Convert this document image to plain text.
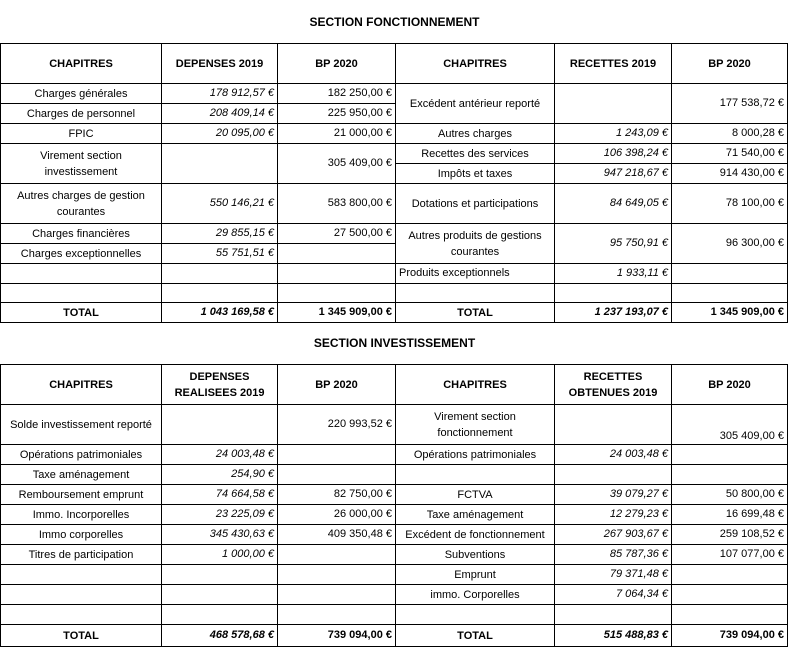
SECTION FONCTIONNEMENT
CHAPITRES	DEPENSES 2019	BP 2020	CHAPITRES	RECETTES 2019	BP 2020
Charges générales	178 912,57 €	182 250,00 €	Excédent antérieur reporté		177 538,72 €
Charges de personnel	208 409,14 €	225 950,00 €			
FPIC	20 095,00 €	21 000,00 €	Autres charges	1 243,09 €	8 000,28 €
Virement section investissement		305 409,00 €	Recettes des services	106 398,24 €	71 540,00 €
			Impôts et taxes	947 218,67 €	914 430,00 €
Autres charges de gestion courantes	550 146,21 €	583 800,00 €	Dotations et participations	84 649,05 €	78 100,00 €
Charges financières	29 855,15 €	27 500,00 €	Autres produits de gestions courantes	95 750,91 €	96 300,00 €
Charges exceptionnelles	55 751,51 €				
			Produits exceptionnels	1 933,11 €	

TOTAL	1 043 169,58 €	1 345 909,00 €	TOTAL	1 237 193,07 €	1 345 909,00 €
SECTION INVESTISSEMENT
CHAPITRES	DEPENSES REALISEES 2019	BP 2020	CHAPITRES	RECETTES OBTENUES 2019	BP 2020
Solde investissement reporté		220 993,52 €	Virement section fonctionnement		305 409,00 €
Opérations patrimoniales	24 003,48 €		Opérations patrimoniales	24 003,48 €	
Taxe aménagement	254,90 €				
Remboursement emprunt	74 664,58 €	82 750,00 €	FCTVA	39 079,27 €	50 800,00 €
Immo. Incorporelles	23 225,09 €	26 000,00 €	Taxe aménagement	12 279,23 €	16 699,48 €
Immo corporelles	345 430,63 €	409 350,48 €	Excédent de fonctionnement	267 903,67 €	259 108,52 €
Titres de participation	1 000,00 €		Subventions	85 787,36 €	107 077,00 €
			Emprunt	79 371,48 €	
			immo. Corporelles	7 064,34 €	

TOTAL	468 578,68 €	739 094,00 €	TOTAL	515 488,83 €	739 094,00 €
